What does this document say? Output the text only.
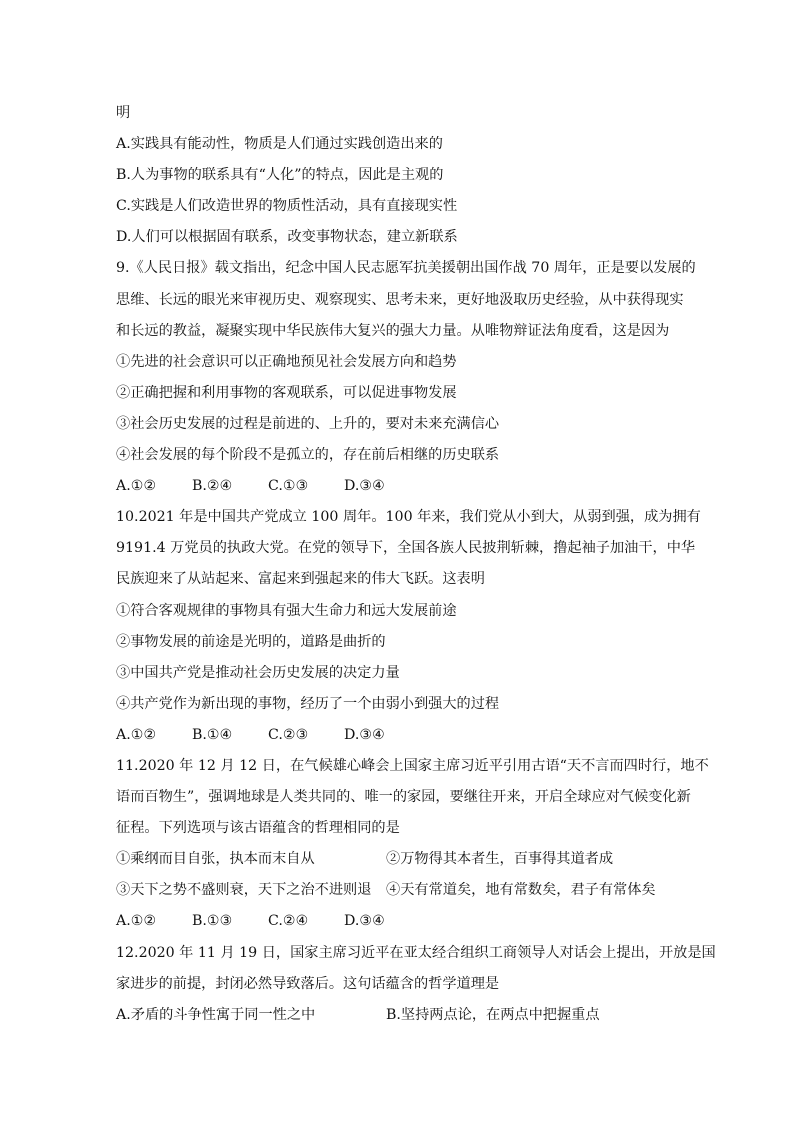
明
A.实践具有能动性，物质是人们通过实践创造出来的
B.人为事物的联系具有“人化”的特点，因此是主观的
C.实践是人们改造世界的物质性活动，具有直接现实性
D.人们可以根据固有联系，改变事物状态，建立新联系
9.《人民日报》载文指出，纪念中国人民志愿军抗美援朝出国作战 70 周年，正是要以发展的
思维、长远的眼光来审视历史、观察现实、思考未来，更好地汲取历史经验，从中获得现实
和长远的教益，凝聚实现中华民族伟大复兴的强大力量。从唯物辩证法角度看，这是因为
①先进的社会意识可以正确地预见社会发展方向和趋势
②正确把握和利用事物的客观联系，可以促进事物发展
③社会历史发展的过程是前进的、上升的，要对未来充满信心
④社会发展的每个阶段不是孤立的，存在前后相继的历史联系
A.①②	B.②④	C.①③	D.③④
10.2021 年是中国共产党成立 100 周年。100 年来，我们党从小到大，从弱到强，成为拥有
9191.4 万党员的执政大党。在党的领导下，全国各族人民披荆斩棘，撸起袖子加油干，中华
民族迎来了从站起来、富起来到强起来的伟大飞跃。这表明
①符合客观规律的事物具有强大生命力和远大发展前途
②事物发展的前途是光明的，道路是曲折的
③中国共产党是推动社会历史发展的决定力量
④共产党作为新出现的事物，经历了一个由弱小到强大的过程
A.①②	B.①④	C.②③	D.③④
11.2020 年 12 月 12 日，在气候雄心峰会上国家主席习近平引用古语“天不言而四时行，地不
语而百物生”，强调地球是人类共同的、唯一的家园，要继往开来，开启全球应对气候变化新
征程。下列选项与该古语蕴含的哲理相同的是
①乘纲而目自张，执本而末自从	②万物得其本者生，百事得其道者成
③天下之势不盛则衰，天下之治不进则退	④天有常道矣，地有常数矣，君子有常体矣
A.①②	B.①③	C.②④	D.③④
12.2020 年 11 月 19 日，国家主席习近平在亚太经合组织工商领导人对话会上提出，开放是国
家进步的前提，封闭必然导致落后。这句话蕴含的哲学道理是
A.矛盾的斗争性寓于同一性之中	B.坚持两点论，在两点中把握重点
